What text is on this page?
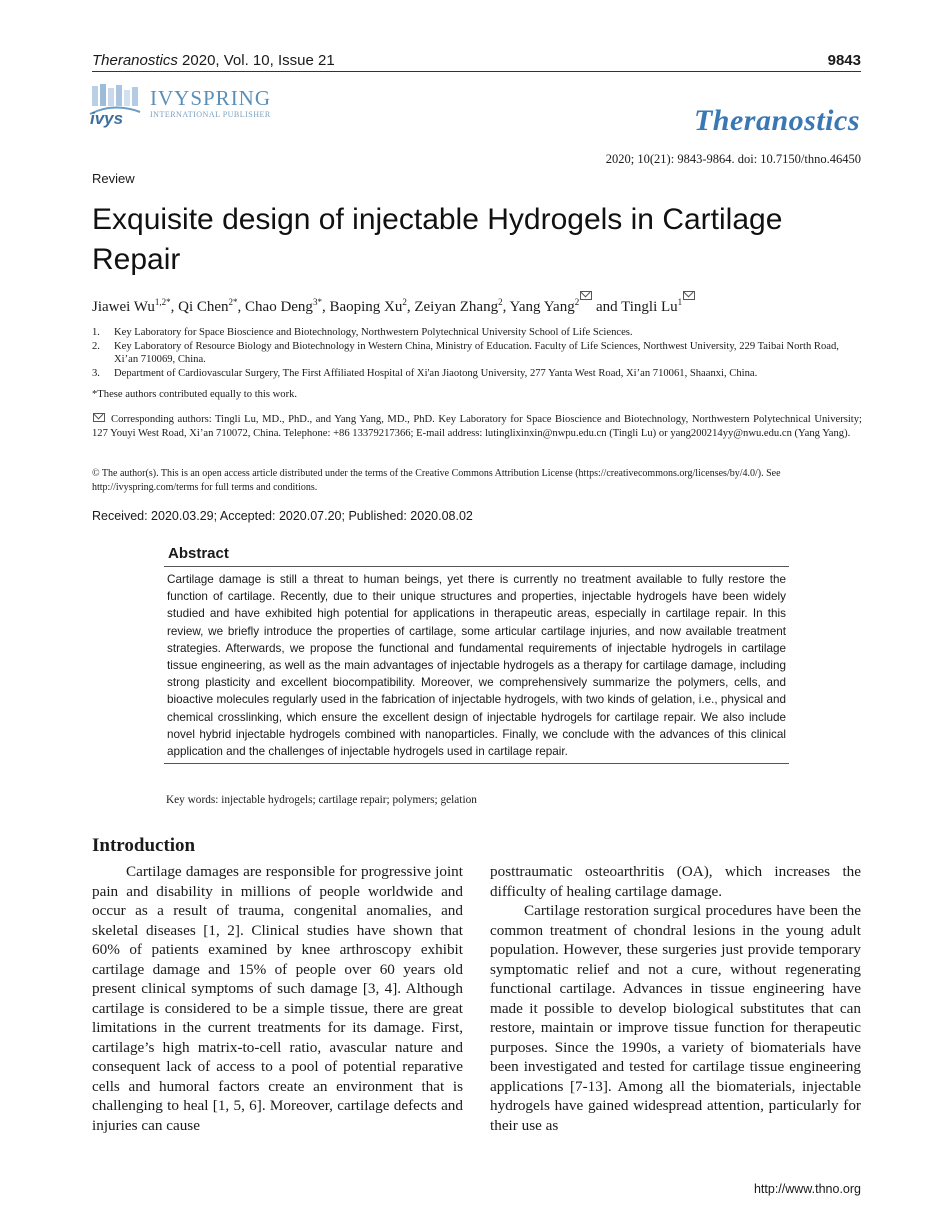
Theranostics 2020, Vol. 10, Issue 21	9843
ivys
IVYSPRING
INTERNATIONAL PUBLISHER	Theranostics
2020; 10(21): 9843-9864. doi: 10.7150/thno.46450
Review
Exquisite design of injectable Hydrogels in Cartilage Repair
Jiawei $Wu^{1,2*}$, Qi Chen$^{2*}$, Chao Deng$^{3*}$, Baoping Xu$^2$, Zeiyan Zhang$^2$, Yang Yang$^2$ and Tingli Lu$^1$
1. Key Laboratory for Space Bioscience and Biotechnology, Northwestern Polytechnical University School of Life Sciences.
2. Key Laboratory of Resource Biology and Biotechnology in Western China, Ministry of Education. Faculty of Life Sciences, Northwest University, 229 Taibai North Road, Xi’an 710069, China.
3. Department of Cardiovascular Surgery, The First Affiliated Hospital of Xi'an Jiaotong University, 277 Yanta West Road, Xi’an 710061, Shaanxi, China.
*These authors contributed equally to this work.
Corresponding authors: Tingli Lu, MD., PhD., and Yang Yang, MD., PhD. Key Laboratory for Space Bioscience and Biotechnology, Northwestern Polytechnical University; 127 Youyi West Road, Xi’an 710072, China. Telephone: +86 13379217366; E-mail address: lutinglixinxin@nwpu.edu.cn (Tingli Lu) or yang200214yy@nwu.edu.cn (Yang Yang).
© The author(s). This is an open access article distributed under the terms of the Creative Commons Attribution License (https://creativecommons.org/licenses/by/4.0/). See http://ivyspring.com/terms for full terms and conditions.
Received: 2020.03.29; Accepted: 2020.07.20; Published: 2020.08.02
Abstract
Cartilage damage is still a threat to human beings, yet there is currently no treatment available to fully restore the function of cartilage. Recently, due to their unique structures and properties, injectable hydrogels have been widely studied and have exhibited high potential for applications in therapeutic areas, especially in cartilage repair. In this review, we briefly introduce the properties of cartilage, some articular cartilage injuries, and now available treatment strategies. Afterwards, we propose the functional and fundamental requirements of injectable hydrogels in cartilage tissue engineering, as well as the main advantages of injectable hydrogels as a therapy for cartilage damage, including strong plasticity and excellent biocompatibility. Moreover, we comprehensively summarize the polymers, cells, and bioactive molecules regularly used in the fabrication of injectable hydrogels, with two kinds of gelation, i.e., physical and chemical crosslinking, which ensure the excellent design of injectable hydrogels for cartilage repair. We also include novel hybrid injectable hydrogels combined with nanoparticles. Finally, we conclude with the advances of this clinical application and the challenges of injectable hydrogels used in cartilage repair.
Key words: injectable hydrogels; cartilage repair; polymers; gelation
Introduction

Cartilage damages are responsible for progressive joint pain and disability in millions of people worldwide and occur as a result of trauma, congenital anomalies, and skeletal diseases [1, 2]. Clinical studies have shown that 60% of patients examined by knee arthroscopy exhibit cartilage damage and 15% of people over 60 years old present clinical symptoms of such damage [3, 4]. Although cartilage is considered to be a simple tissue, there are great limitations in the current treatments for its damage. First, cartilage’s high matrix-to-cell ratio, avascular nature and consequent lack of access to a pool of potential reparative cells and humoral factors create an environment that is challenging to heal [1, 5, 6]. Moreover, cartilage defects and injuries can cause

posttraumatic osteoarthritis (OA), which increases the difficulty of healing cartilage damage.

Cartilage restoration surgical procedures have been the common treatment of chondral lesions in the young adult population. However, these surgeries just provide temporary symptomatic relief and not a cure, without regenerating functional cartilage. Advances in tissue engineering have made it possible to develop biological substitutes that can restore, maintain or improve tissue function for therapeutic purposes. Since the 1990s, a variety of biomaterials have been investigated and tested for cartilage tissue engineering applications [7-13]. Among all the biomaterials, injectable hydrogels have gained widespread attention, particularly for their use as

http://www.thno.org
